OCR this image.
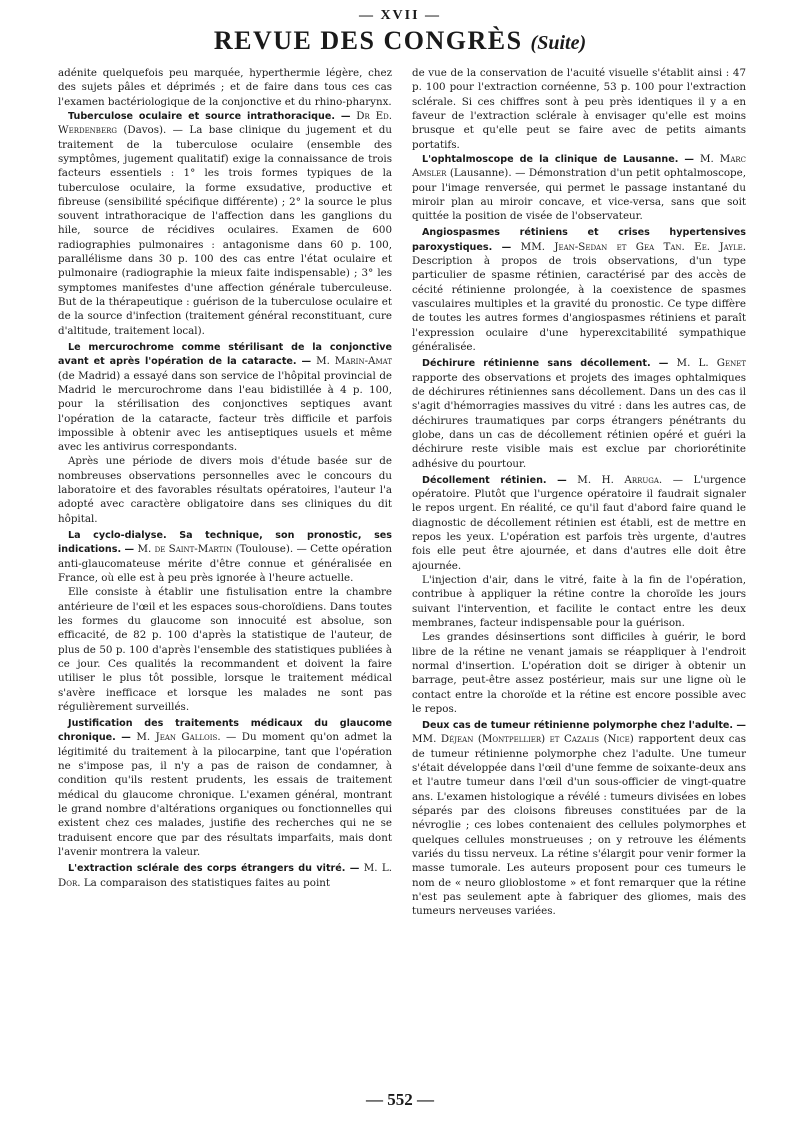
— XVII —
REVUE DES CONGRÈS (Suite)

adénite quelquefois peu marquée, hyperthermie légère, chez des sujets pâles et déprimés ; et de faire dans tous ces cas l'examen bactériologique de la conjonctive et du rhino-pharynx.

Tuberculose oculaire et source intrathoracique. — Dr Ed. Werdenberg (Davos). — La base clinique du jugement et du traitement de la tuberculose oculaire (ensemble des symptômes, jugement qualitatif) exige la connaissance de trois facteurs essentiels : 1° les trois formes typiques de la tuberculose oculaire, la forme exsudative, productive et fibreuse (sensibilité spécifique différente) ; 2° la source le plus souvent intrathoracique de l'affection dans les ganglions du hile, source de récidives oculaires. Examen de 600 radiographies pulmonaires : antagonisme dans 60 p. 100, parallélisme dans 30 p. 100 des cas entre l'état oculaire et pulmonaire (radiographie la mieux faite indispensable) ; 3° les symptomes manifestes d'une affection générale tuberculeuse. But de la thérapeutique : guérison de la tuberculose oculaire et de la source d'infection (traitement général reconstituant, cure d'altitude, traitement local).

Le mercurochrome comme stérilisant de la conjonctive avant et après l'opération de la cataracte. — M. Marin-Amat (de Madrid) a essayé dans son service de l'hôpital provincial de Madrid le mercurochrome dans l'eau bidistillée à 4 p. 100, pour la stérilisation des conjonctives septiques avant l'opération de la cataracte, facteur très difficile et parfois impossible à obtenir avec les antiseptiques usuels et même avec les antivirus correspondants.

Après une période de divers mois d'étude basée sur de nombreuses observations personnelles avec le concours du laboratoire et des favorables résultats opératoires, l'auteur l'a adopté avec caractère obligatoire dans ses cliniques du dit hôpital.

La cyclo-dialyse. Sa technique, son pronostic, ses indications. — M. de Saint-Martin (Toulouse). — Cette opération anti-glaucomateuse mérite d'être connue et généralisée en France, où elle est à peu près ignorée à l'heure actuelle.

Elle consiste à établir une fistulisation entre la chambre antérieure de l'œil et les espaces sous-choroïdiens. Dans toutes les formes du glaucome son innocuité est absolue, son efficacité, de 82 p. 100 d'après la statistique de l'auteur, de plus de 50 p. 100 d'après l'ensemble des statistiques publiées à ce jour. Ces qualités la recommandent et doivent la faire utiliser le plus tôt possible, lorsque le traitement médical s'avère inefficace et lorsque les malades ne sont pas régulièrement surveillés.

Justification des traitements médicaux du glaucome chronique. — M. Jean Gallois. — Du moment qu'on admet la légitimité du traitement à la pilocarpine, tant que l'opération ne s'impose pas, il n'y a pas de raison de condamner, à condition qu'ils restent prudents, les essais de traitement médical du glaucome chronique. L'examen général, montrant le grand nombre d'altérations organiques ou fonctionnelles qui existent chez ces malades, justifie des recherches qui ne se traduisent encore que par des résultats imparfaits, mais dont l'avenir montrera la valeur.

L'extraction sclérale des corps étrangers du vitré. — M. L. Dor. La comparaison des statistiques faites au point

de vue de la conservation de l'acuité visuelle s'établit ainsi : 47 p. 100 pour l'extraction cornéenne, 53 p. 100 pour l'extraction sclérale. Si ces chiffres sont à peu près identiques il y a en faveur de l'extraction sclérale à envisager qu'elle est moins brusque et qu'elle peut se faire avec de petits aimants portatifs.

L'ophtalmoscope de la clinique de Lausanne. — M. Marc Amsler (Lausanne). — Démonstration d'un petit ophtalmoscope, pour l'image renversée, qui permet le passage instantané du miroir plan au miroir concave, et vice-versa, sans que soit quittée la position de visée de l'observateur.

Angiospasmes rétiniens et crises hypertensives paroxystiques. — MM. Jean-Sedan et Gea Tan. Ee. Jayle. Description à propos de trois observations, d'un type particulier de spasme rétinien, caractérisé par des accès de cécité rétinienne prolongée, à la coexistence de spasmes vasculaires multiples et la gravité du pronostic. Ce type diffère de toutes les autres formes d'angiospasmes rétiniens et paraît l'expression oculaire d'une hyperexcitabilité sympathique généralisée.

Déchirure rétinienne sans décollement. — M. L. Genet rapporte des observations et projets des images ophtalmiques de déchirures rétiniennes sans décollement. Dans un des cas il s'agit d'hémorragies massives du vitré : dans les autres cas, de déchirures traumatiques par corps étrangers pénétrants du globe, dans un cas de décollement rétinien opéré et guéri la déchirure reste visible mais est exclue par choriorétinite adhésive du pourtour.

Décollement rétinien. — M. H. Arruga. — L'urgence opératoire. Plutôt que l'urgence opératoire il faudrait signaler le repos urgent. En réalité, ce qu'il faut d'abord faire quand le diagnostic de décollement rétinien est établi, est de mettre en repos les yeux. L'opération est parfois très urgente, d'autres fois elle peut être ajournée, et dans d'autres elle doit être ajournée.

L'injection d'air, dans le vitré, faite à la fin de l'opération, contribue à appliquer la rétine contre la choroïde les jours suivant l'intervention, et facilite le contact entre les deux membranes, facteur indispensable pour la guérison.

Les grandes désinsertions sont difficiles à guérir, le bord libre de la rétine ne venant jamais se réappliquer à l'endroit normal d'insertion. L'opération doit se diriger à obtenir un barrage, peut-être assez postérieur, mais sur une ligne où le contact entre la choroïde et la rétine est encore possible avec le repos.

Deux cas de tumeur rétinienne polymorphe chez l'adulte. — MM. Déjean (Montpellier) et Cazalis (Nice) rapportent deux cas de tumeur rétinienne polymorphe chez l'adulte. Une tumeur s'était développée dans l'œil d'une femme de soixante-deux ans et l'autre tumeur dans l'œil d'un sous-officier de vingt-quatre ans. L'examen histologique a révélé : tumeurs divisées en lobes séparés par des cloisons fibreuses constituées par de la névroglie ; ces lobes contenaient des cellules polymorphes et quelques cellules monstrueuses ; on y retrouve les éléments variés du tissu nerveux. La rétine s'élargit pour venir former la masse tumorale. Les auteurs proposent pour ces tumeurs le nom de « neuro glioblostome » et font remarquer que la rétine n'est pas seulement apte à fabriquer des gliomes, mais des tumeurs nerveuses variées.

— 552 —
